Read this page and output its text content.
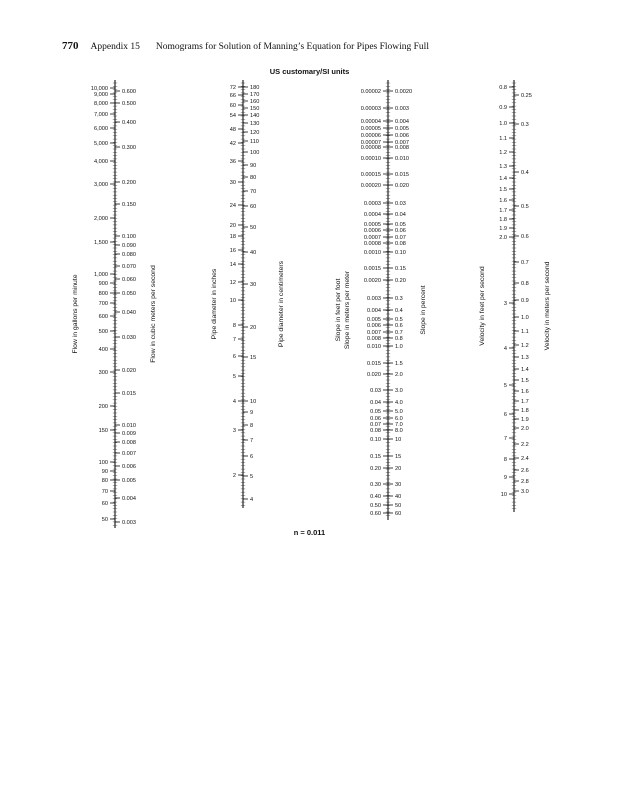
770 Appendix 15 Nomograms for Solution of Manning’s Equation for Pipes Flowing Full
US customary/SI units
10,000
9,000
8,000
7,000
6,000
5,000
4,000
3,000
2,000
1,500
1,000
900
800
700
600
500
400
300
200
150
100
90
80
70
60
50
Flow in gallons per minute
0.600
0.500
0.400
0.300
0.200
0.150
0.100
0.090
0.080
0.070
0.060
0.050
0.040
0.030
0.020
0.015
0.010
0.009
0.008
0.007
0.006
0.005
0.004
0.003
Flow in cubic meters per second
72
66
60
54
48
42
36
30
24
20
18
16
14
12
10
8
7
6
5
4
3
2
Pipe diameter in inches
180
170
160
150
140
130
120
110
100
90
80
70
60
50
40
30
20
15
10
9
8
7
6
5
4
Pipe diameter in centimeters
0.00002
0.00003
0.00004
0.00005
0.00006
0.00007
0.00008
0.00010
0.00015
0.00020
0.0003
0.0004
0.0005
0.0006
0.0007
0.0008
0.0010
0.0015
0.0020
0.003
0.004
0.005
0.006
0.007
0.008
0.010
0.015
0.020
0.03
0.04
0.05
0.06
0.07
0.08
0.10
0.15
0.20
0.30
0.40
0.50
0.60
Slope in feet per foot Slope in meters per meter
0.0020
0.003
0.004
0.005
0.006
0.007
0.008
0.010
0.015
0.020
0.03
0.04
0.05
0.06
0.07
0.08
0.10
0.15
0.20
0.3
0.4
0.5
0.6
0.7
0.8
1.0
1.5
2.0
3.0
4.0
5.0
6.0
7.0
8.0
10
15
20
30
40
50
60
Slope in percent
0.8
0.9
1.0
1.1
1.2
1.3
1.4
1.5
1.6
1.7
1.8
1.9
2.0
3
4
5
6
7
8
9
10
Velocity in feet per second
0.25
0.3
0.4
0.5
0.6
0.7
0.8
0.9
1.0
1.1
1.2
1.3
1.4
1.5
1.6
1.7
1.8
1.9
2.0
2.2
2.4
2.6
2.8
3.0
Velocity in meters per second
n = 0.011
